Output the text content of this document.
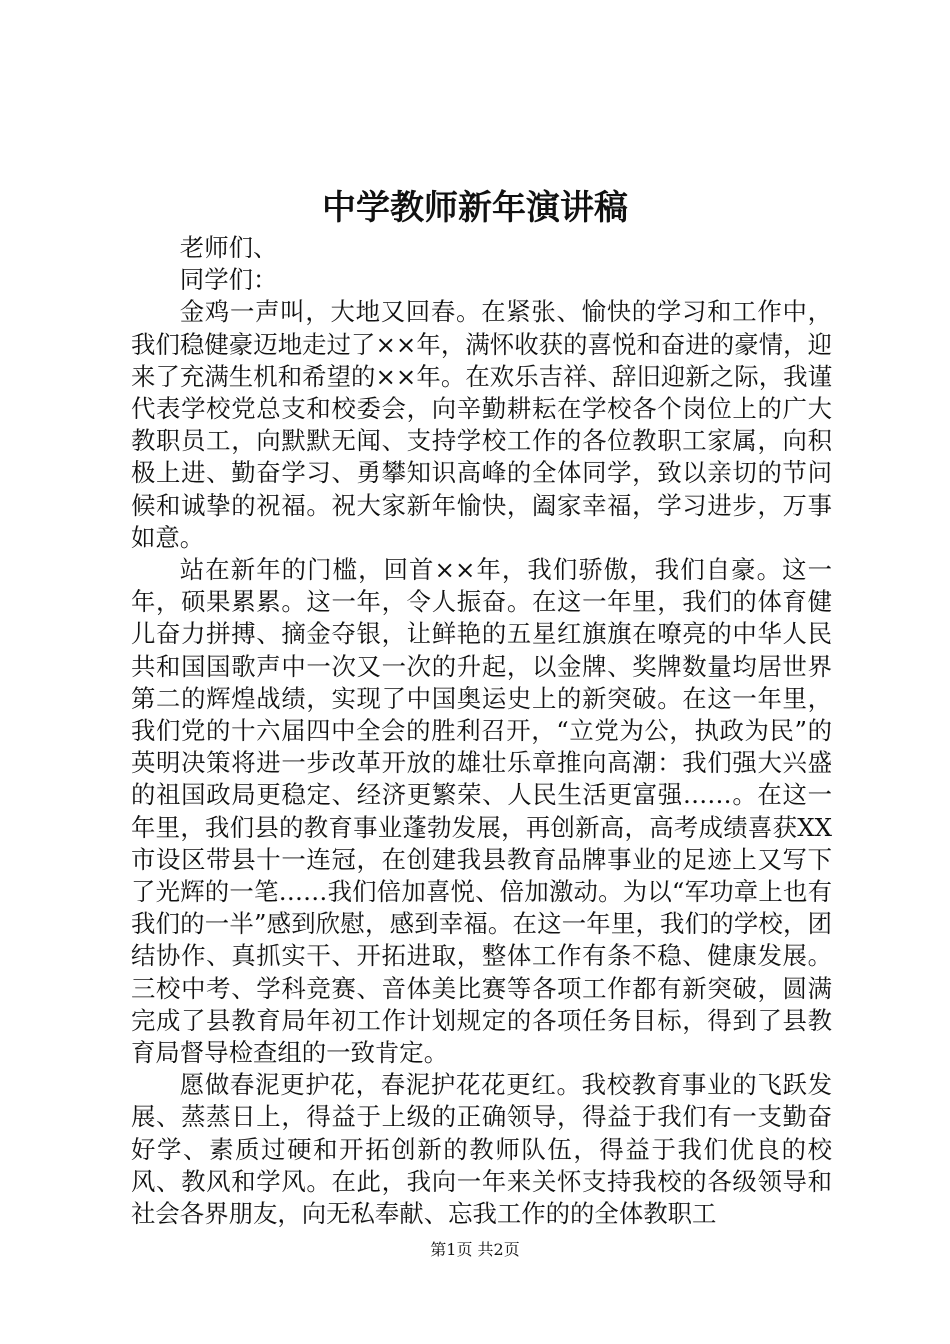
中学教师新年演讲稿

老师们、

同学们：

金鸡一声叫，大地又回春。在紧张、愉快的学习和工作中，我们稳健豪迈地走过了××年，满怀收获的喜悦和奋进的豪情，迎来了充满生机和希望的××年。在欢乐吉祥、辞旧迎新之际，我谨代表学校党总支和校委会，向辛勤耕耘在学校各个岗位上的广大教职员工，向默默无闻、支持学校工作的各位教职工家属，向积极上进、勤奋学习、勇攀知识高峰的全体同学，致以亲切的节问候和诚挚的祝福。祝大家新年愉快，阖家幸福，学习进步，万事如意。

站在新年的门槛，回首××年，我们骄傲，我们自豪。这一年，硕果累累。这一年，令人振奋。在这一年里，我们的体育健儿奋力拼搏、摘金夺银，让鲜艳的五星红旗旗在嘹亮的中华人民共和国国歌声中一次又一次的升起，以金牌、奖牌数量均居世界第二的辉煌战绩，实现了中国奥运史上的新突破。在这一年里，我们党的十六届四中全会的胜利召开，“立党为公，执政为民”的英明决策将进一步改革开放的雄壮乐章推向高潮：我们强大兴盛的祖国政局更稳定、经济更繁荣、人民生活更富强……。在这一年里，我们县的教育事业蓬勃发展，再创新高，高考成绩喜获XX市设区带县十一连冠，在创建我县教育品牌事业的足迹上又写下了光辉的一笔……我们倍加喜悦、倍加激动。为以“军功章上也有我们的一半”感到欣慰，感到幸福。在这一年里，我们的学校，团结协作、真抓实干、开拓进取，整体工作有条不稳、健康发展。三校中考、学科竞赛、音体美比赛等各项工作都有新突破，圆满完成了县教育局年初工作计划规定的各项任务目标，得到了县教育局督导检查组的一致肯定。

愿做春泥更护花，春泥护花花更红。我校教育事业的飞跃发展、蒸蒸日上，得益于上级的正确领导，得益于我们有一支勤奋好学、素质过硬和开拓创新的教师队伍，得益于我们优良的校风、教风和学风。在此，我向一年来关怀支持我校的各级领导和社会各界朋友，向无私奉献、忘我工作的的全体教职工

第1页 共2页
